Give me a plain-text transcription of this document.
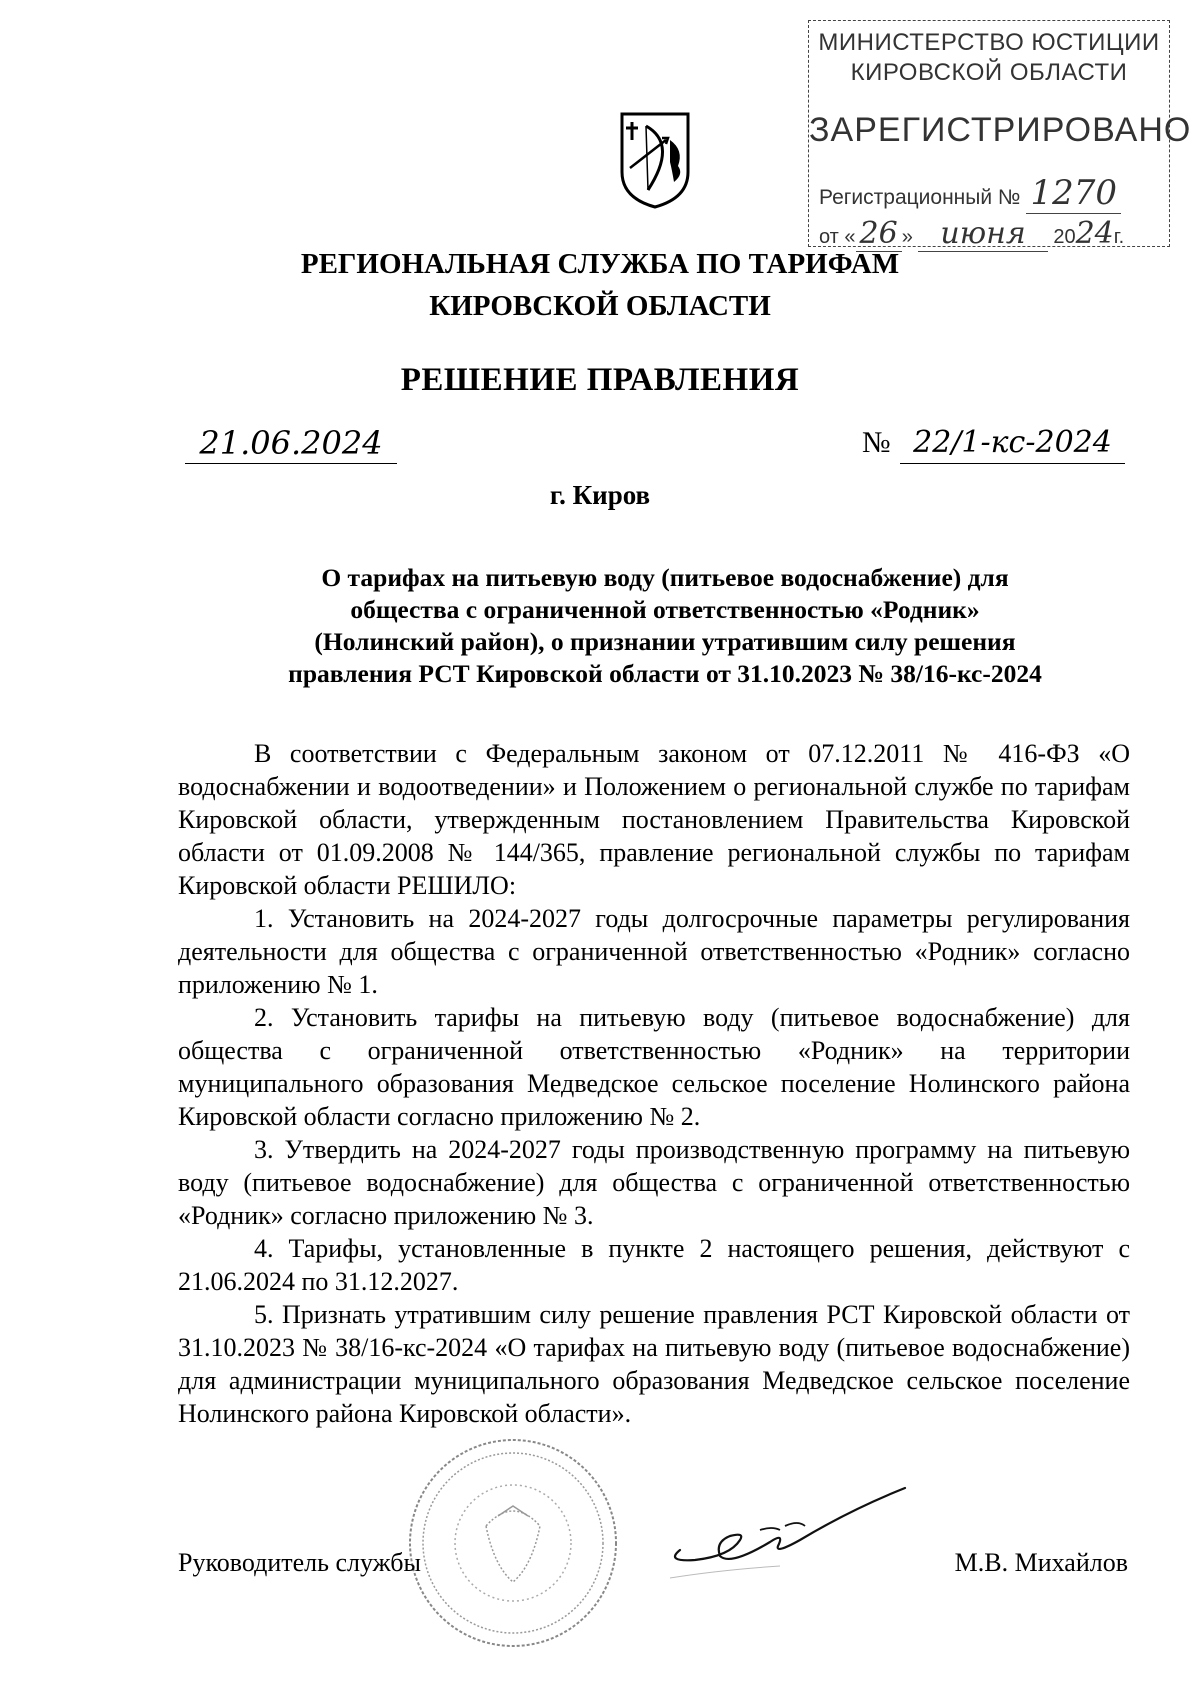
МИНИСТЕРСТВО ЮСТИЦИИ
КИРОВСКОЙ ОБЛАСТИ
ЗАРЕГИСТРИРОВАНО
Регистрационный № 1270
от « 26 » июня 2024г.
РЕГИОНАЛЬНАЯ СЛУЖБА ПО ТАРИФАМ
КИРОВСКОЙ ОБЛАСТИ
РЕШЕНИЕ ПРАВЛЕНИЯ
21.06.2024	№ 22/1-кс-2024
г. Киров
О тарифах на питьевую воду (питьевое водоснабжение) для
общества с ограниченной ответственностью «Родник»
(Нолинский район), о признании утратившим силу решения
правления РСТ Кировской области от 31.10.2023 № 38/16-кс-2024

В соответствии с Федеральным законом от 07.12.2011 № 416-ФЗ «О водоснабжении и водоотведении» и Положением о региональной службе по тарифам Кировской области, утвержденным постановлением Правительства Кировской области от 01.09.2008 № 144/365, правление региональной службы по тарифам Кировской области РЕШИЛО:

1. Установить на 2024-2027 годы долгосрочные параметры регулирования деятельности для общества с ограниченной ответственностью «Родник» согласно приложению № 1.

2. Установить тарифы на питьевую воду (питьевое водоснабжение) для общества с ограниченной ответственностью «Родник» на территории муниципального образования Медведское сельское поселение Нолинского района Кировской области согласно приложению № 2.

3. Утвердить на 2024-2027 годы производственную программу на питьевую воду (питьевое водоснабжение) для общества с ограниченной ответственностью «Родник» согласно приложению № 3.

4. Тарифы, установленные в пункте 2 настоящего решения, действуют с 21.06.2024 по 31.12.2027.

5. Признать утратившим силу решение правления РСТ Кировской области от 31.10.2023 № 38/16-кс-2024 «О тарифах на питьевую воду (питьевое водоснабжение) для администрации муниципального образования Медведское сельское поселение Нолинского района Кировской области».

Руководитель службы	М.В. Михайлов
